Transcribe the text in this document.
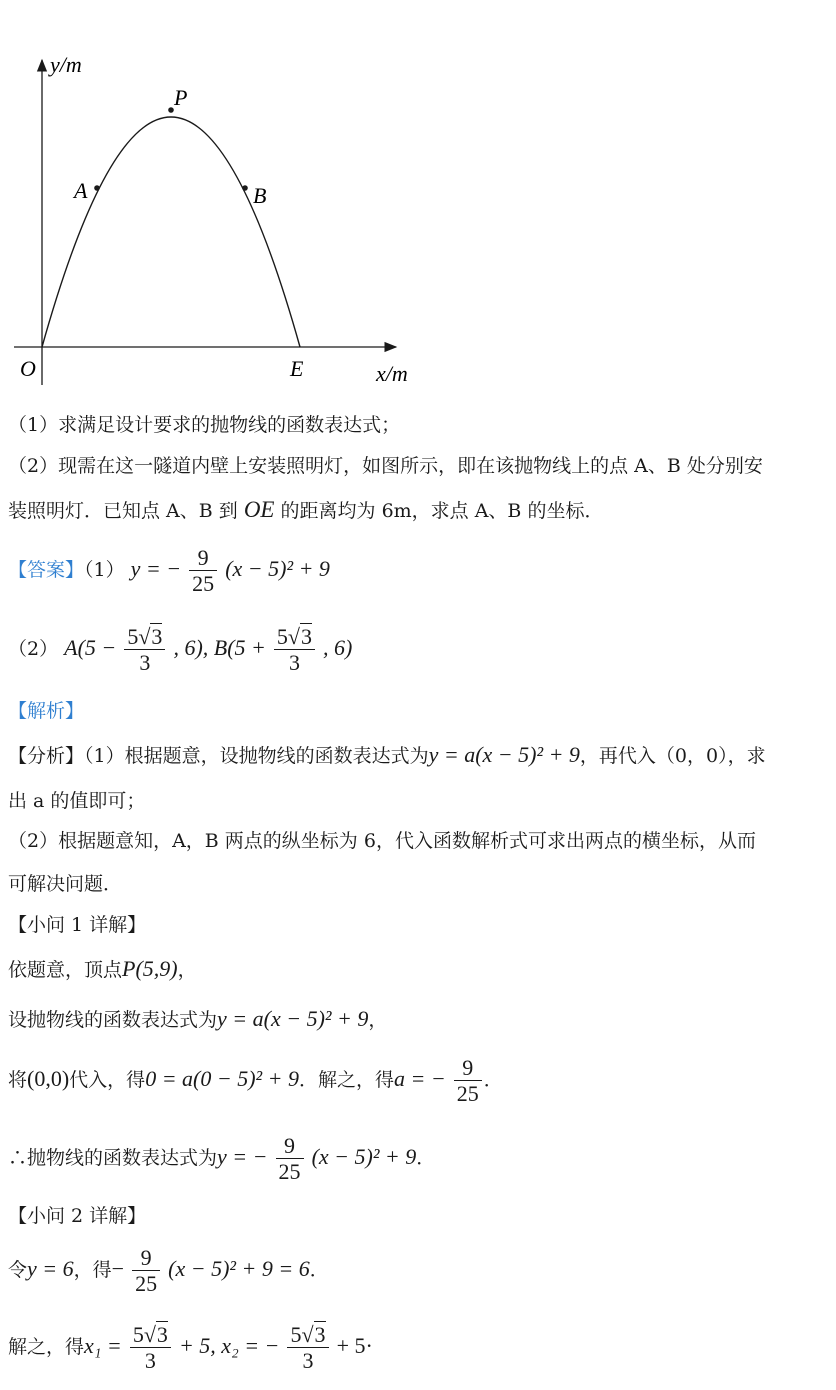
y/m
x/m
O
P
A	B
E
（1）求满足设计要求的抛物线的函数表达式；
（2）现需在这一隧道内壁上安装照明灯，如图所示，即在该抛物线上的点 A、B 处分别安
装照明灯．已知点 A、B 到 OE 的距离均为 6m，求点 A、B 的坐标．
【答案】（1） y = − $\frac{9}{25} (x - 5)^2 + 9$
（2） $A(5 - \frac{5√3}{3}$ , 6), $B(5 + \frac{5√3}{3}$ , 6)
【解析】
【分析】（1）根据题意，设抛物线的函数表达式为y = a(x − 5)² + 9，再代入（0，0），求
出 a 的值即可；
（2）根据题意知，A，B 两点的纵坐标为 6，代入函数解析式可求出两点的横坐标，从而
可解决问题．
【小问 1 详解】
依题意，顶点P(5,9)，
设抛物线的函数表达式为y = a(x − 5)² + 9，
将(0,0)代入，得0 = a(0 − 5)² + 9．解之，得a = − $\frac{9}{25}$ ．
∴抛物线的函数表达式为y = − $\frac{9}{25} (x - 5)^2 + 9$．
【小问 2 详解】
令y = 6，得− $\frac{9}{25} (x - 5)^2 + 9 = 6$．
解之，得$x_1 = \frac{5√3}{3} + 5$, x₂ = − $\frac{5√3}{3} + 5\cdot$
